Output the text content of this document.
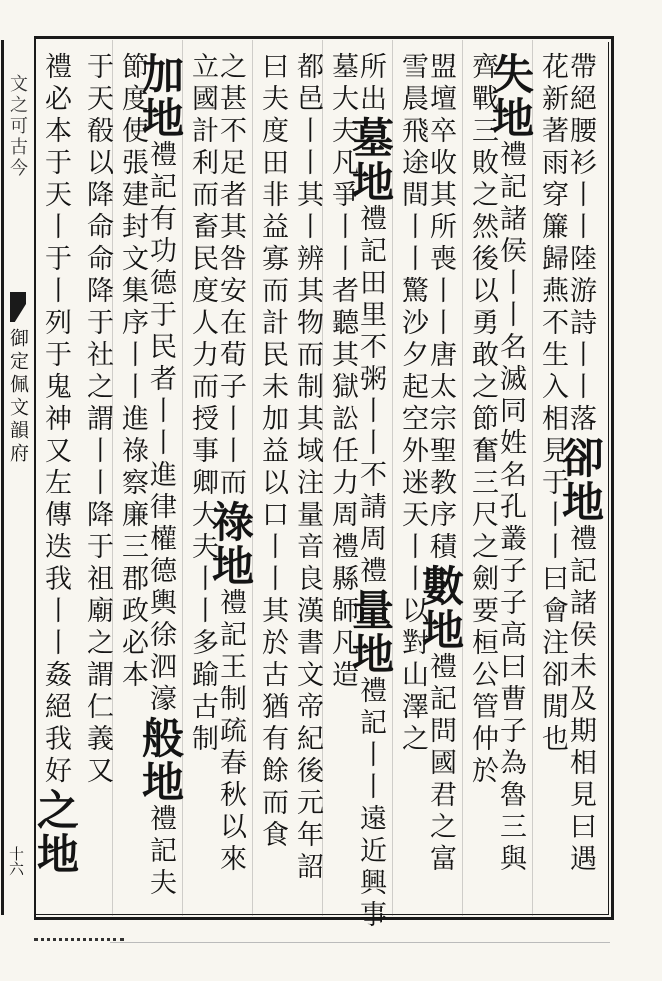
文之可古今
御定佩文韻府
十六
帶絕腰衫丨丨陸游詩丨丨落卻地禮記諸侯未及期相見曰遇
花新著雨穿簾歸燕不生入相見于丨丨曰會注卻閒也
失地禮記諸侯丨丨名滅同姓名孔叢子子高曰曹子為魯三與
齊戰三敗之然後以勇敢之節奮三尺之劍要桓公管仲於
盟壇卒收其所喪丨丨唐太宗聖教序積數地禮記問國君之富
雪晨飛途間丨丨驚沙夕起空外迷天丨丨以對山澤之
所出墓地禮記田里不粥丨丨不請周禮量地禮記丨丨遠近興事
墓大夫凡爭丨丨者聽其獄訟任力周禮縣師凡造
都邑丨丨其丨辨其物而制其域注量音良漢書文帝紀後元年詔
曰夫度田非益寡而計民未加益以口丨丨其於古猶有餘而食
之甚不足者其咎安在荀子丨丨而祿地禮記王制疏春秋以來
立國計利而畜民度人力而授事卿大夫丨丨多踰古制
加地禮記有功德于民者丨丨進律權德輿徐泗濠般地禮記夫
節度使張建封文集序丨丨進祿察廉三郡政必本
于天殽以降命命降于社之謂丨丨降于祖廟之謂仁義又
禮必本于天丨于丨列于鬼神又左傳迭我丨丨姦絕我好之地
